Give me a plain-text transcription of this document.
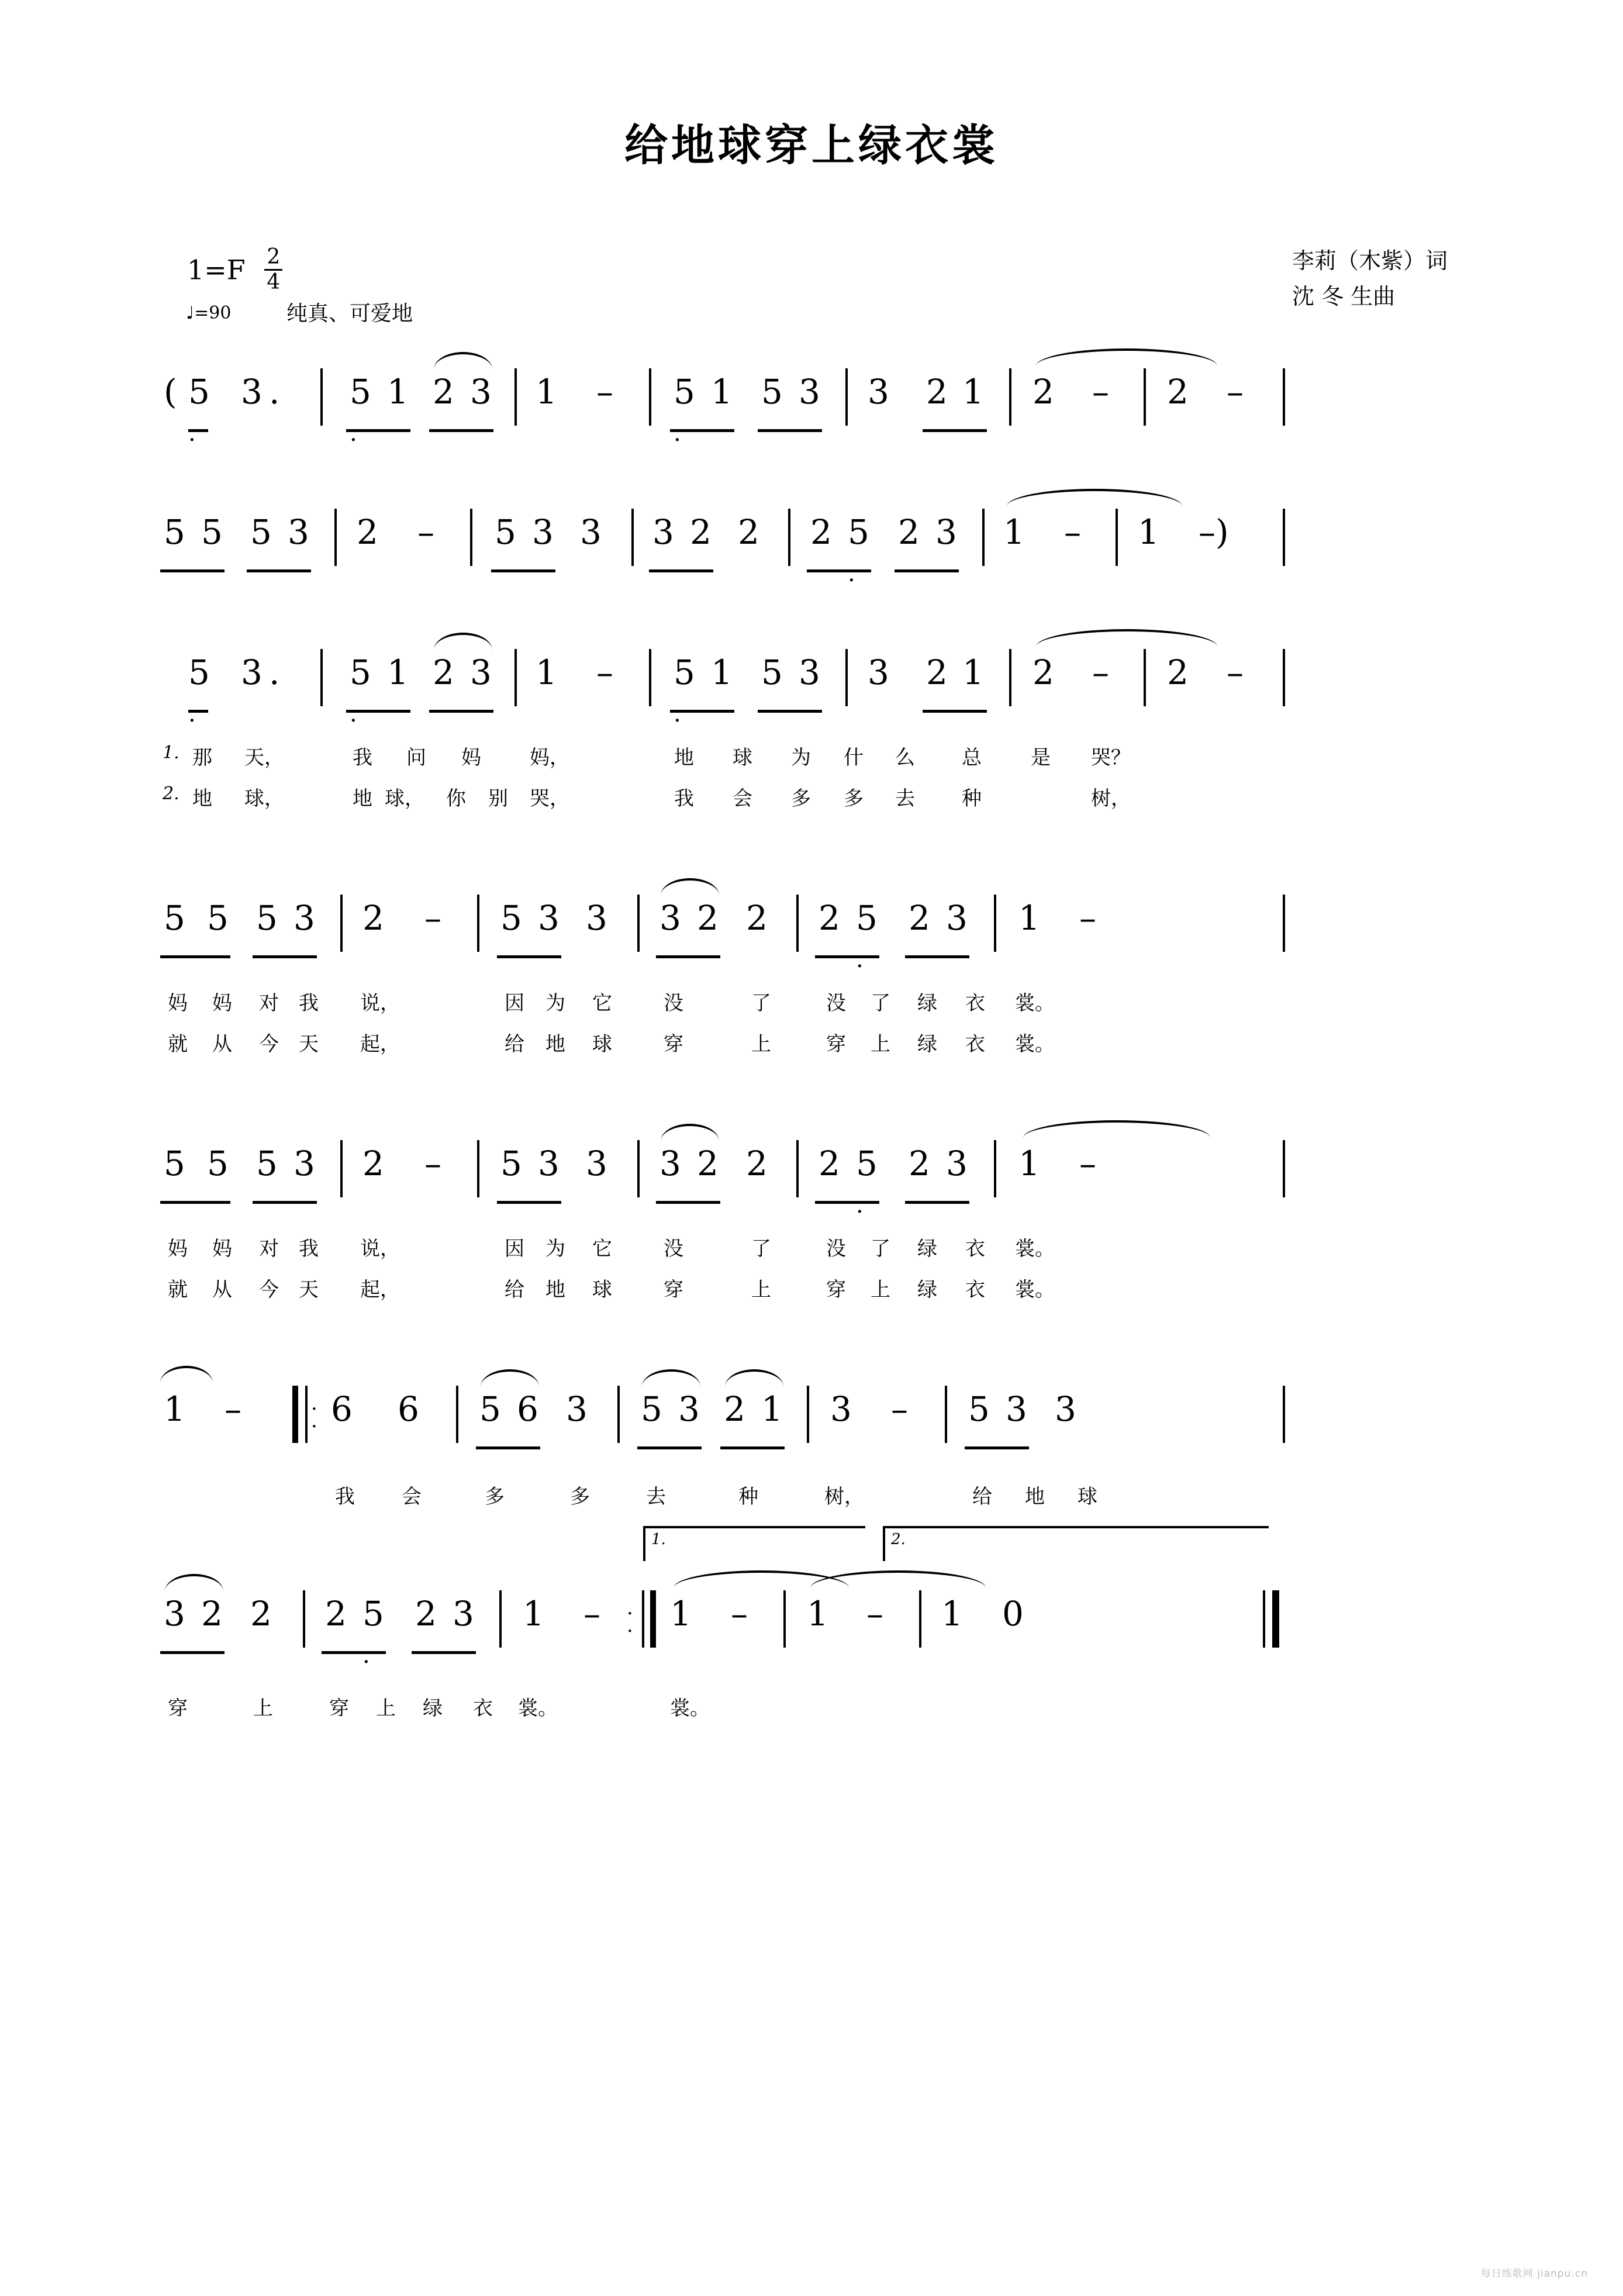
给地球穿上绿衣裳
$1=F \frac{2}{4}$
♩=90	纯真、可爱地
李莉（木紫）词
沈 冬 生曲
( 5
.
3 . 5 1
.
2 3 1 – 5 1
.
5 3 3 2 1 2 – 2 –
5 5 5 3 2 – 5 3 3 3 2 2 2 5
.
2 3 1 – 1 –)
5
.
3 . 5 1
.
2 3 1 – 5 1
.
5 3 3 2 1 2 – 2 –
1. 那 天，	我 问 妈 妈，	地 球 为 什 么 总 是 哭？
2. 地 球，	地 球， 你 别 哭，	我 会 多 多 去 种	树，
5 5 5 3 2 – 5 3 3 3 2 2 2 5
.
2 3 1 –
妈 妈 对 我 说，	因 为 它	没	了	没 了 绿 衣 裳。
就 从 今 天 起，	给 地 球	穿	上	穿 上 绿 衣 裳。
5 5 5 3 2 – 5 3 3 3 2 2 2 5
.
2 3 1 –
妈 妈 对 我 说，	因 为 它	没	了	没 了 绿 衣 裳。
就 从 今 天 起，	给 地 球	穿	上	穿 上 绿 衣 裳。
1 –	·
· 6 6 5 6 3 5 3 2 1 3 – 5 3 3
我 会	多	多	去	种	树，	给 地 球
1.	2.
3 2 2 2 5
.
2 3 1 – ·
· 1 – 1 – 1 0
穿	上	穿 上 绿 衣 裳。	裳。
每日练歌网 jianpu.cn
